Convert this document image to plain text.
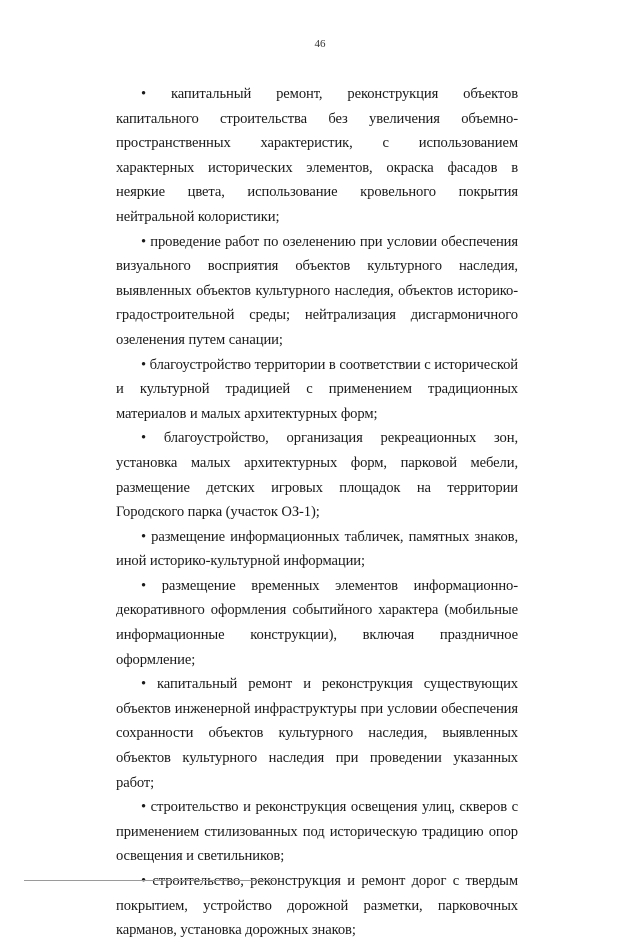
46

• капитальный ремонт, реконструкция объектов капитального строительства без увеличения объемно-пространственных характеристик, с использованием характерных исторических элементов, окраска фасадов в неяркие цвета, использование кровельного покрытия нейтральной колористики;

• проведение работ по озеленению при условии обеспечения визуального восприятия объектов культурного наследия, выявленных объектов культурного наследия, объектов историко-градостроительной среды; нейтрализация дисгармоничного озеленения путем санации;

• благоустройство территории в соответствии с исторической и культурной традицией с применением традиционных материалов и малых архитектурных форм;

• благоустройство, организация рекреационных зон, установка малых архитектурных форм, парковой мебели, размещение детских игровых площадок на территории Городского парка (участок ОЗ-1);

• размещение информационных табличек, памятных знаков, иной историко-культурной информации;

• размещение временных элементов информационно-декоративного оформления событийного характера (мобильные информационные конструкции), включая праздничное оформление;

• капитальный ремонт и реконструкция существующих объектов инженерной инфраструктуры при условии обеспечения сохранности объектов культурного наследия, выявленных объектов культурного наследия при проведении указанных работ;

• строительство и реконструкция освещения улиц, скверов с применением стилизованных под историческую традицию опор освещения и светильников;

• строительство, реконструкция и ремонт дорог с твердым покрытием, устройство дорожной разметки, парковочных карманов, установка дорожных знаков;
